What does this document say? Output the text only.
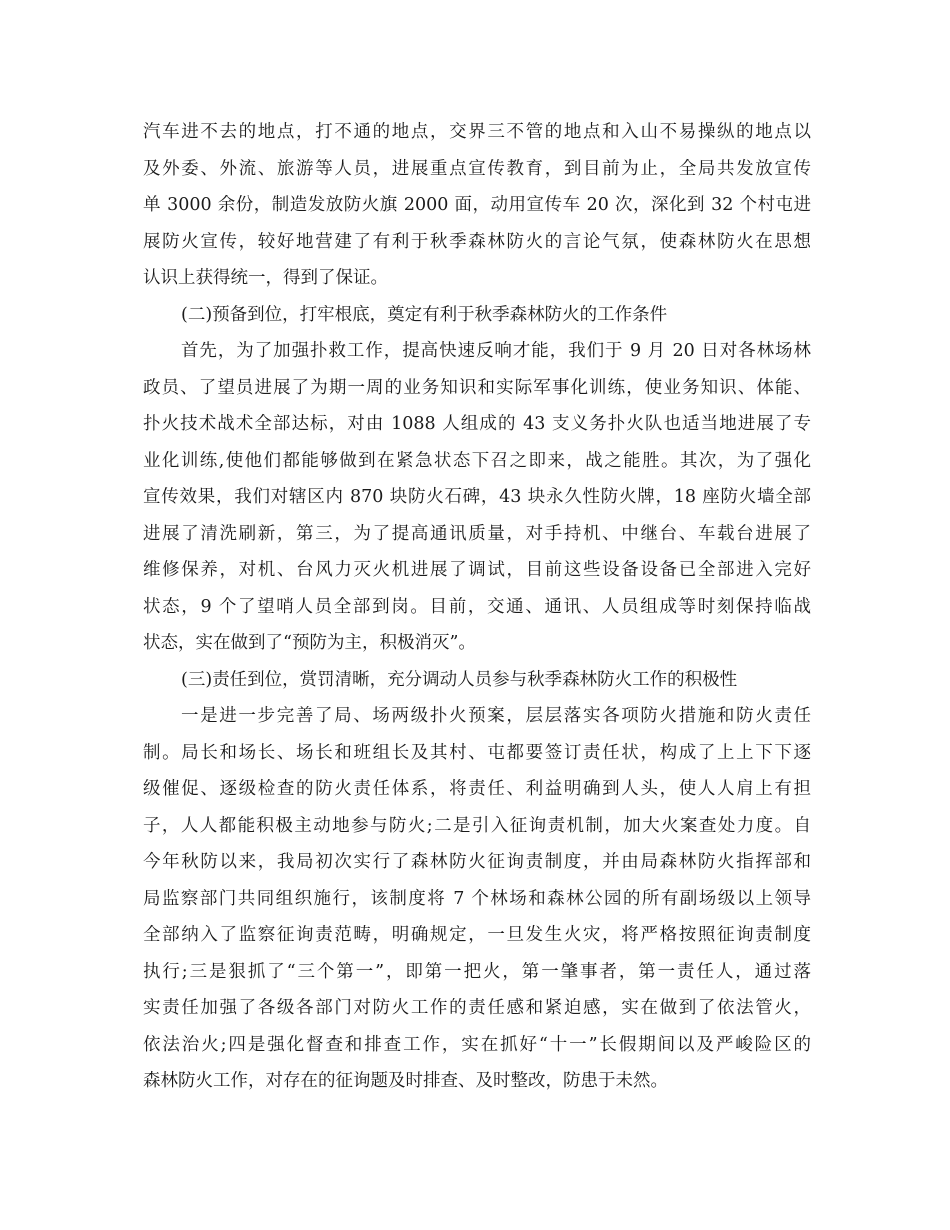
汽车进不去的地点，打不通的地点，交界三不管的地点和入山不易操纵的地点以
及外委、外流、旅游等人员，进展重点宣传教育，到目前为止，全局共发放宣传
单 3000 余份，制造发放防火旗 2000 面，动用宣传车 20 次，深化到 32 个村屯进
展防火宣传，较好地营建了有利于秋季森林防火的言论气氛，使森林防火在思想
认识上获得统一，得到了保证。
(二)预备到位，打牢根底，奠定有利于秋季森林防火的工作条件
首先，为了加强扑救工作，提高快速反响才能，我们于 9 月 20 日对各林场林
政员、了望员进展了为期一周的业务知识和实际军事化训练，使业务知识、体能、
扑火技术战术全部达标，对由 1088 人组成的 43 支义务扑火队也适当地进展了专
业化训练,使他们都能够做到在紧急状态下召之即来，战之能胜。其次，为了强化
宣传效果，我们对辖区内 870 块防火石碑，43 块永久性防火牌，18 座防火墙全部
进展了清洗刷新，第三，为了提高通讯质量，对手持机、中继台、车载台进展了
维修保养，对机、台风力灭火机进展了调试，目前这些设备设备已全部进入完好
状态，9 个了望哨人员全部到岗。目前，交通、通讯、人员组成等时刻保持临战
状态，实在做到了“预防为主，积极消灭”。
(三)责任到位，赏罚清晰，充分调动人员参与秋季森林防火工作的积极性
一是进一步完善了局、场两级扑火预案，层层落实各项防火措施和防火责任
制。局长和场长、场长和班组长及其村、屯都要签订责任状，构成了上上下下逐
级催促、逐级检查的防火责任体系，将责任、利益明确到人头，使人人肩上有担
子，人人都能积极主动地参与防火;二是引入征询责机制，加大火案查处力度。自
今年秋防以来，我局初次实行了森林防火征询责制度，并由局森林防火指挥部和
局监察部门共同组织施行，该制度将 7 个林场和森林公园的所有副场级以上领导
全部纳入了监察征询责范畴，明确规定，一旦发生火灾，将严格按照征询责制度
执行;三是狠抓了“三个第一”，即第一把火，第一肇事者，第一责任人，通过落
实责任加强了各级各部门对防火工作的责任感和紧迫感，实在做到了依法管火，
依法治火;四是强化督查和排查工作，实在抓好“十一”长假期间以及严峻险区的
森林防火工作，对存在的征询题及时排查、及时整改，防患于未然。
